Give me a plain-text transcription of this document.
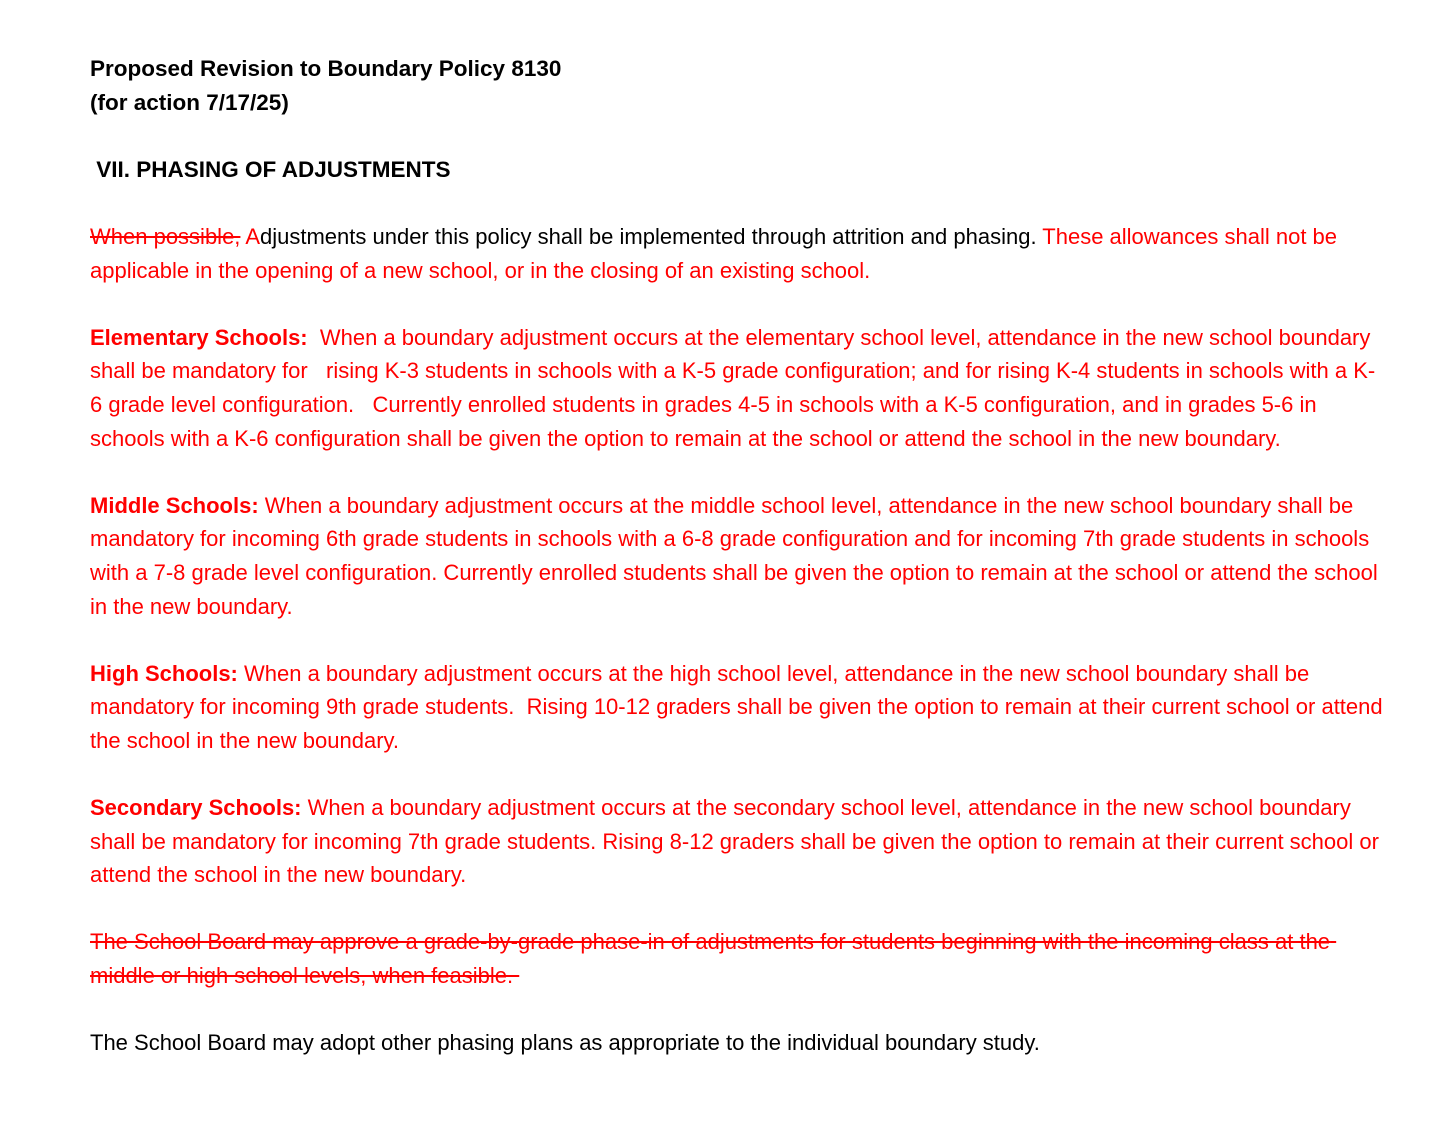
Proposed Revision to Boundary Policy 8130

(for action 7/17/25)

VII. PHASING OF ADJUSTMENTS

When possible, Adjustments under this policy shall be implemented through attrition and phasing. These allowances shall not be applicable in the opening of a new school, or in the closing of an existing school.

Elementary Schools:  When a boundary adjustment occurs at the elementary school level, attendance in the new school boundary shall be mandatory for   rising K-3 students in schools with a K-5 grade configuration; and for rising K-4 students in schools with a K-6 grade level configuration.   Currently enrolled students in grades 4-5 in schools with a K-5 configuration, and in grades 5-6 in schools with a K-6 configuration shall be given the option to remain at the school or attend the school in the new boundary.

Middle Schools: When a boundary adjustment occurs at the middle school level, attendance in the new school boundary shall be mandatory for incoming 6th grade students in schools with a 6-8 grade configuration and for incoming 7th grade students in schools with a 7-8 grade level configuration. Currently enrolled students shall be given the option to remain at the school or attend the school in the new boundary.

High Schools: When a boundary adjustment occurs at the high school level, attendance in the new school boundary shall be mandatory for incoming 9th grade students.  Rising 10-12 graders shall be given the option to remain at their current school or attend the school in the new boundary.

Secondary Schools: When a boundary adjustment occurs at the secondary school level, attendance in the new school boundary shall be mandatory for incoming 7th grade students. Rising 8-12 graders shall be given the option to remain at their current school or attend the school in the new boundary.

The School Board may approve a grade-by-grade phase-in of adjustments for students beginning with the incoming class at the middle or high school levels, when feasible.

The School Board may adopt other phasing plans as appropriate to the individual boundary study.
